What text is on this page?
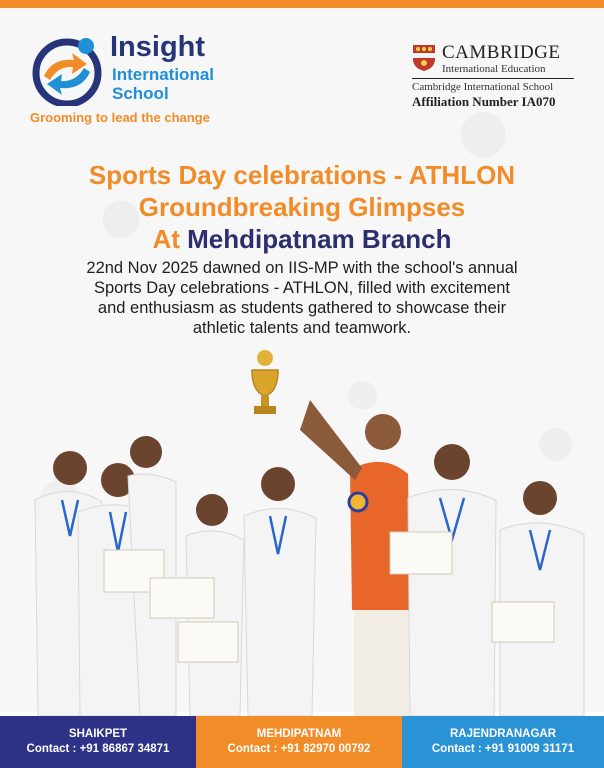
Insight
International
School
Grooming to lead the change
CAMBRIDGE
International Education
Cambridge International School
Affiliation Number IA070
Sports Day celebrations - ATHLON
Groundbreaking Glimpses
At Mehdipatnam Branch
22nd Nov 2025 dawned on IIS-MP with the school's annual
Sports Day celebrations - ATHLON, filled with excitement
and enthusiasm as students gathered to showcase their
athletic talents and teamwork.
SHAIKPET
Contact : +91 86867 34871
MEHDIPATNAM
Contact : +91 82970 00792
RAJENDRANAGAR
Contact : +91 91009 31171
